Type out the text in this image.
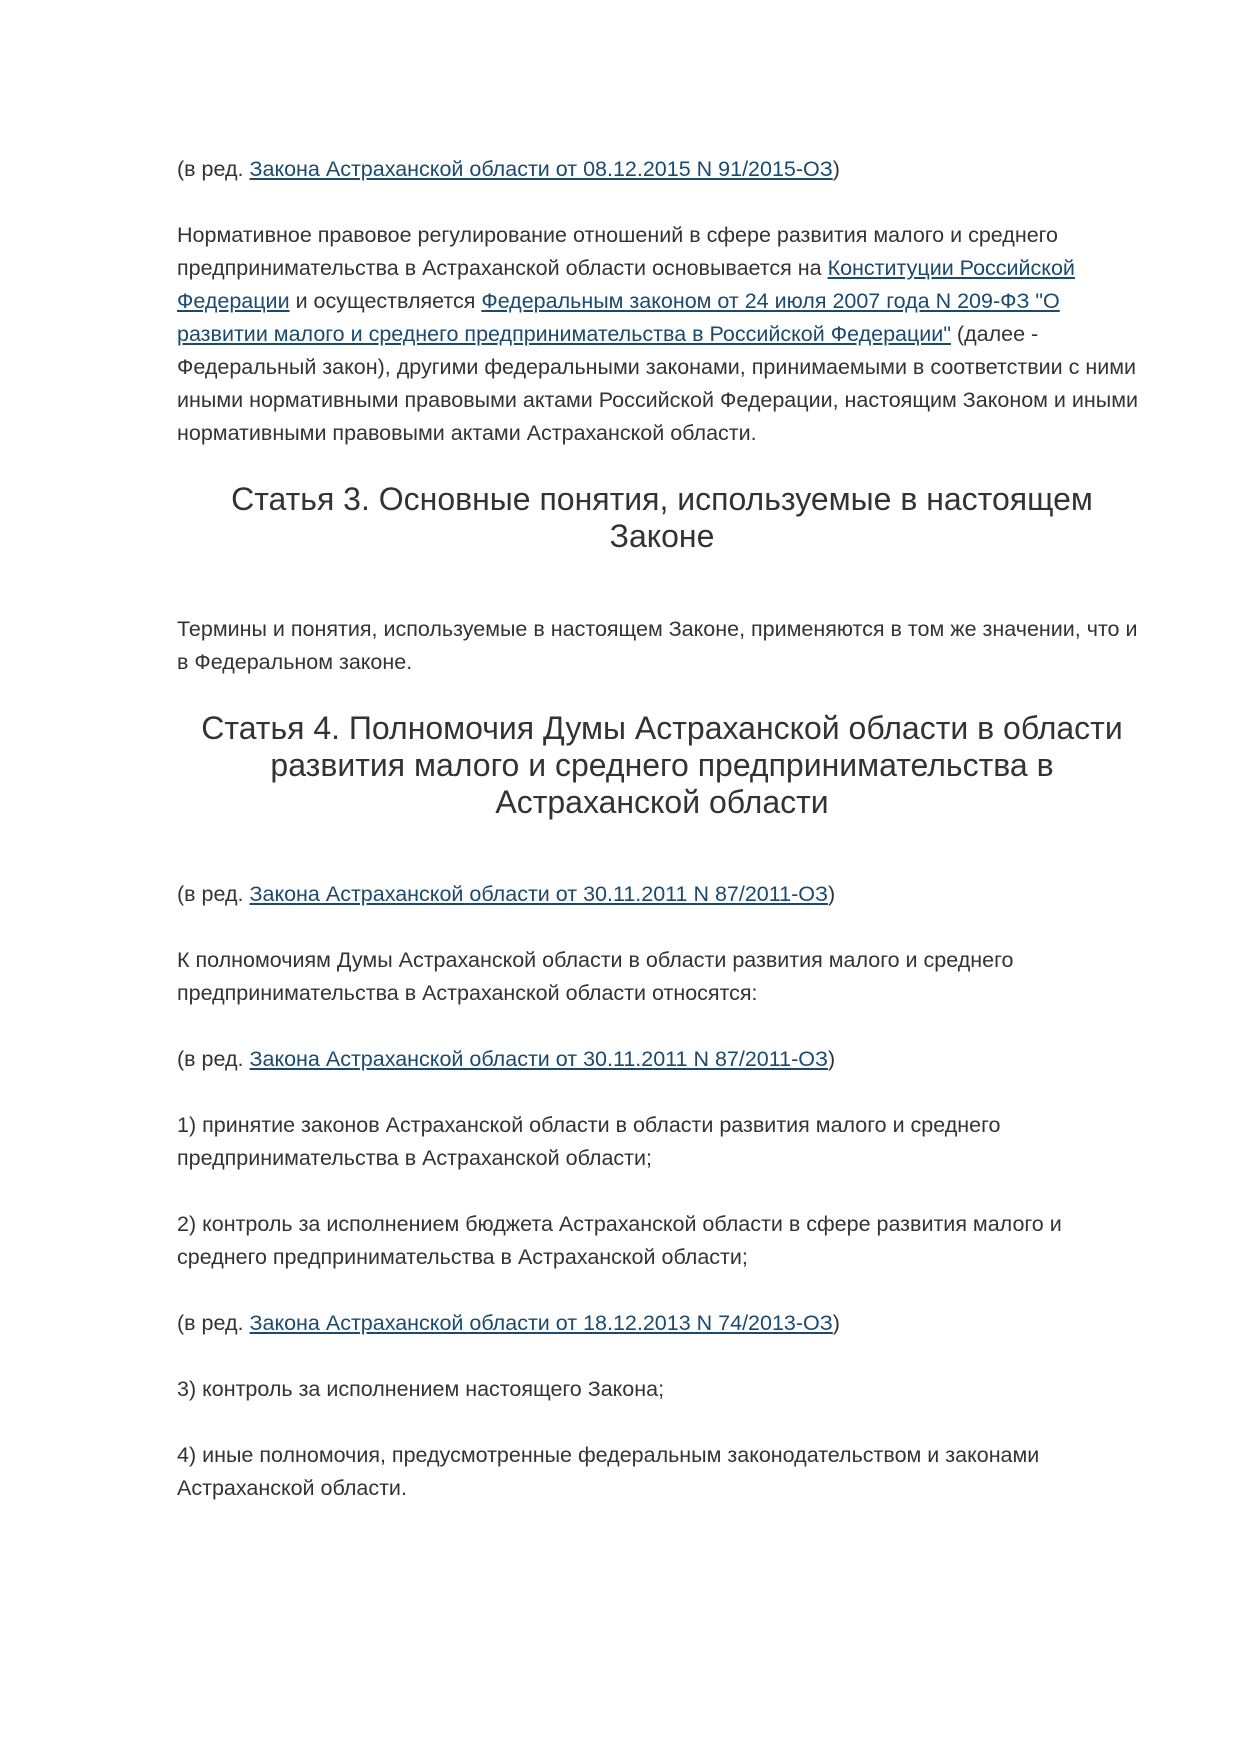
(в ред. Закона Астраханской области от 08.12.2015 N 91/2015-ОЗ)

Нормативное правовое регулирование отношений в сфере развития малого и среднего предпринимательства в Астраханской области основывается на Конституции Российской Федерации и осуществляется Федеральным законом от 24 июля 2007 года N 209-ФЗ "О развитии малого и среднего предпринимательства в Российской Федерации" (далее - Федеральный закон), другими федеральными законами, принимаемыми в соответствии с ними иными нормативными правовыми актами Российской Федерации, настоящим Законом и иными нормативными правовыми актами Астраханской области.

Статья 3. Основные понятия, используемые в настоящем Законе

Термины и понятия, используемые в настоящем Законе, применяются в том же значении, что и в Федеральном законе.

Статья 4. Полномочия Думы Астраханской области в области развития малого и среднего предпринимательства в Астраханской области

(в ред. Закона Астраханской области от 30.11.2011 N 87/2011-ОЗ)

К полномочиям Думы Астраханской области в области развития малого и среднего предпринимательства в Астраханской области относятся:

(в ред. Закона Астраханской области от 30.11.2011 N 87/2011-ОЗ)

1) принятие законов Астраханской области в области развития малого и среднего предпринимательства в Астраханской области;

2) контроль за исполнением бюджета Астраханской области в сфере развития малого и среднего предпринимательства в Астраханской области;

(в ред. Закона Астраханской области от 18.12.2013 N 74/2013-ОЗ)

3) контроль за исполнением настоящего Закона;

4) иные полномочия, предусмотренные федеральным законодательством и законами Астраханской области.
